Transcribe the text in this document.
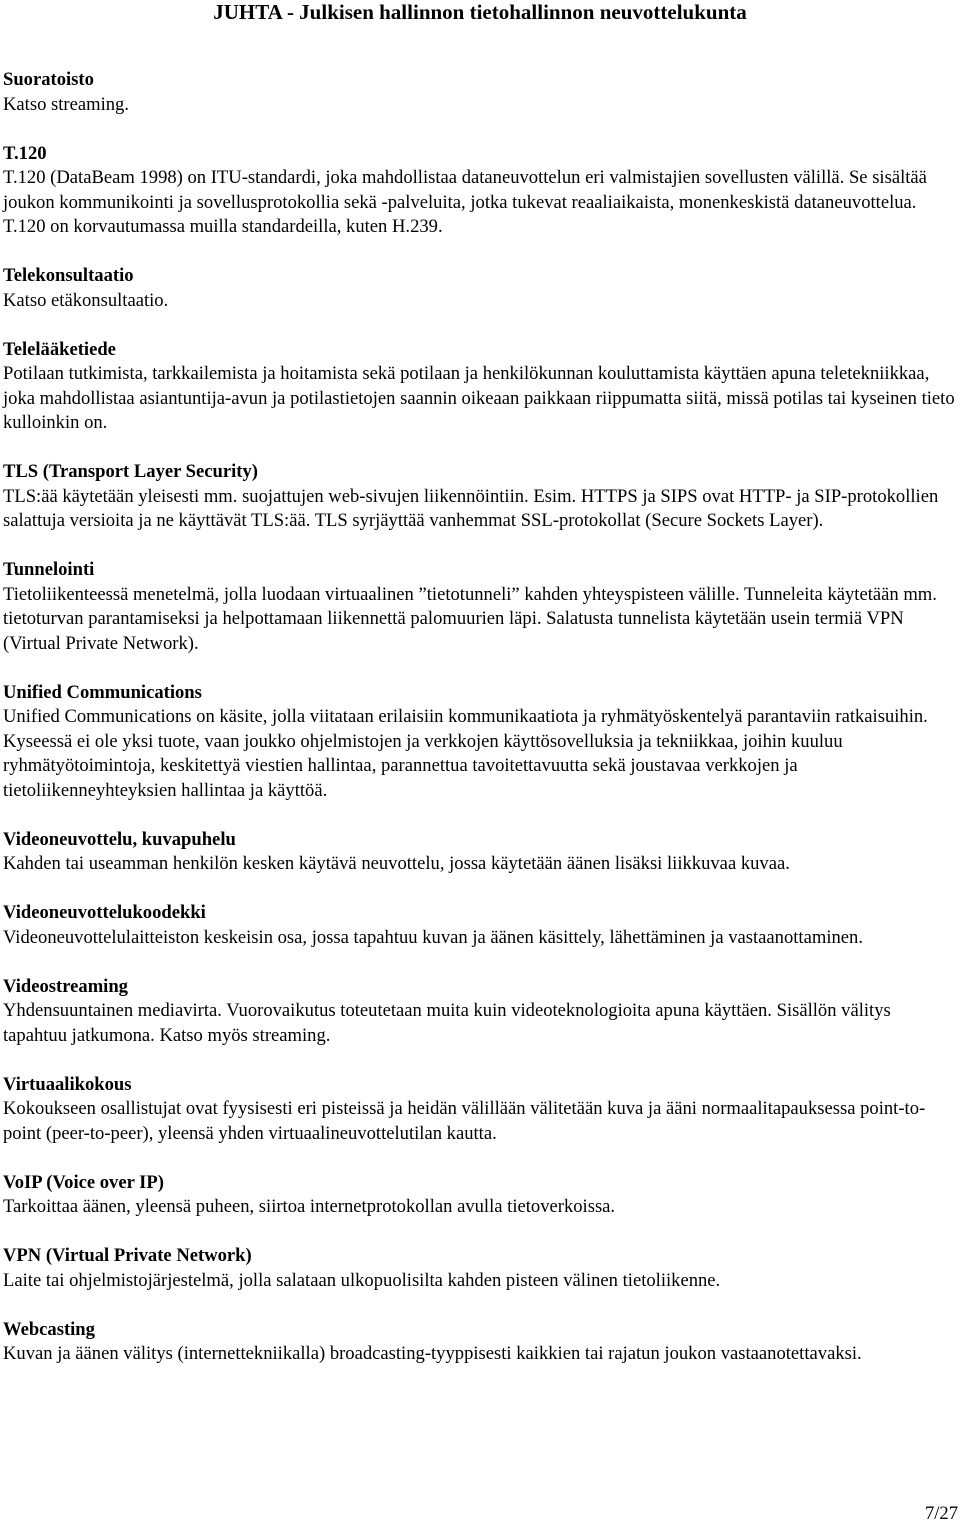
JUHTA - Julkisen hallinnon tietohallinnon neuvottelukunta
Suoratoisto
Katso streaming.
T.120
T.120 (DataBeam 1998) on ITU-standardi, joka mahdollistaa dataneuvottelun eri valmistajien sovellusten välillä. Se sisältää joukon kommunikointi ja sovellusprotokollia sekä -palveluita, jotka tukevat reaaliaikaista, monenkeskistä dataneuvottelua. T.120 on korvautumassa muilla standardeilla, kuten H.239.
Telekonsultaatio
Katso etäkonsultaatio.
Telelääketiede
Potilaan tutkimista, tarkkailemista ja hoitamista sekä potilaan ja henkilökunnan kouluttamista käyttäen apuna teletekniikkaa, joka mahdollistaa asiantuntija-avun ja potilastietojen saannin oikeaan paikkaan riippumatta siitä, missä potilas tai kyseinen tieto kulloinkin on.
TLS (Transport Layer Security)
TLS:ää käytetään yleisesti mm. suojattujen web-sivujen liikennöintiin. Esim. HTTPS ja SIPS ovat HTTP- ja SIP-protokollien salattuja versioita ja ne käyttävät TLS:ää. TLS syrjäyttää vanhemmat SSL-protokollat (Secure Sockets Layer).
Tunnelointi
Tietoliikenteessä menetelmä, jolla luodaan virtuaalinen ”tietotunneli” kahden yhteyspisteen välille. Tunneleita käytetään mm. tietoturvan parantamiseksi ja helpottamaan liikennettä palomuurien läpi. Salatusta tunnelista käytetään usein termiä VPN (Virtual Private Network).
Unified Communications
Unified Communications on käsite, jolla viitataan erilaisiin kommunikaatiota ja ryhmätyöskentelyä parantaviin ratkaisuihin. Kyseessä ei ole yksi tuote, vaan joukko ohjelmistojen ja verkkojen käyttösovelluksia ja tekniikkaa, joihin kuuluu ryhmätyötoimintoja, keskitettyä viestien hallintaa, parannettua tavoitettavuutta sekä joustavaa verkkojen ja tietoliikenneyhteyksien hallintaa ja käyttöä.
Videoneuvottelu, kuvapuhelu
Kahden tai useamman henkilön kesken käytävä neuvottelu, jossa käytetään äänen lisäksi liikkuvaa kuvaa.
Videoneuvottelukoodekki
Videoneuvottelulaitteiston keskeisin osa, jossa tapahtuu kuvan ja äänen käsittely, lähettäminen ja vastaanottaminen.
Videostreaming
Yhdensuuntainen mediavirta. Vuorovaikutus toteutetaan muita kuin videoteknologioita apuna käyttäen. Sisällön välitys tapahtuu jatkumona. Katso myös streaming.
Virtuaalikokous
Kokoukseen osallistujat ovat fyysisesti eri pisteissä ja heidän välillään välitetään kuva ja ääni normaalitapauksessa point-to-point (peer-to-peer), yleensä yhden virtuaalineuvottelutilan kautta.
VoIP (Voice over IP)
Tarkoittaa äänen, yleensä puheen, siirtoa internetprotokollan avulla tietoverkoissa.
VPN (Virtual Private Network)
Laite tai ohjelmistojärjestelmä, jolla salataan ulkopuolisilta kahden pisteen välinen tietoliikenne.
Webcasting
Kuvan ja äänen välitys (internettekniikalla) broadcasting-tyyppisesti kaikkien tai rajatun joukon vastaanotettavaksi.
7/27
